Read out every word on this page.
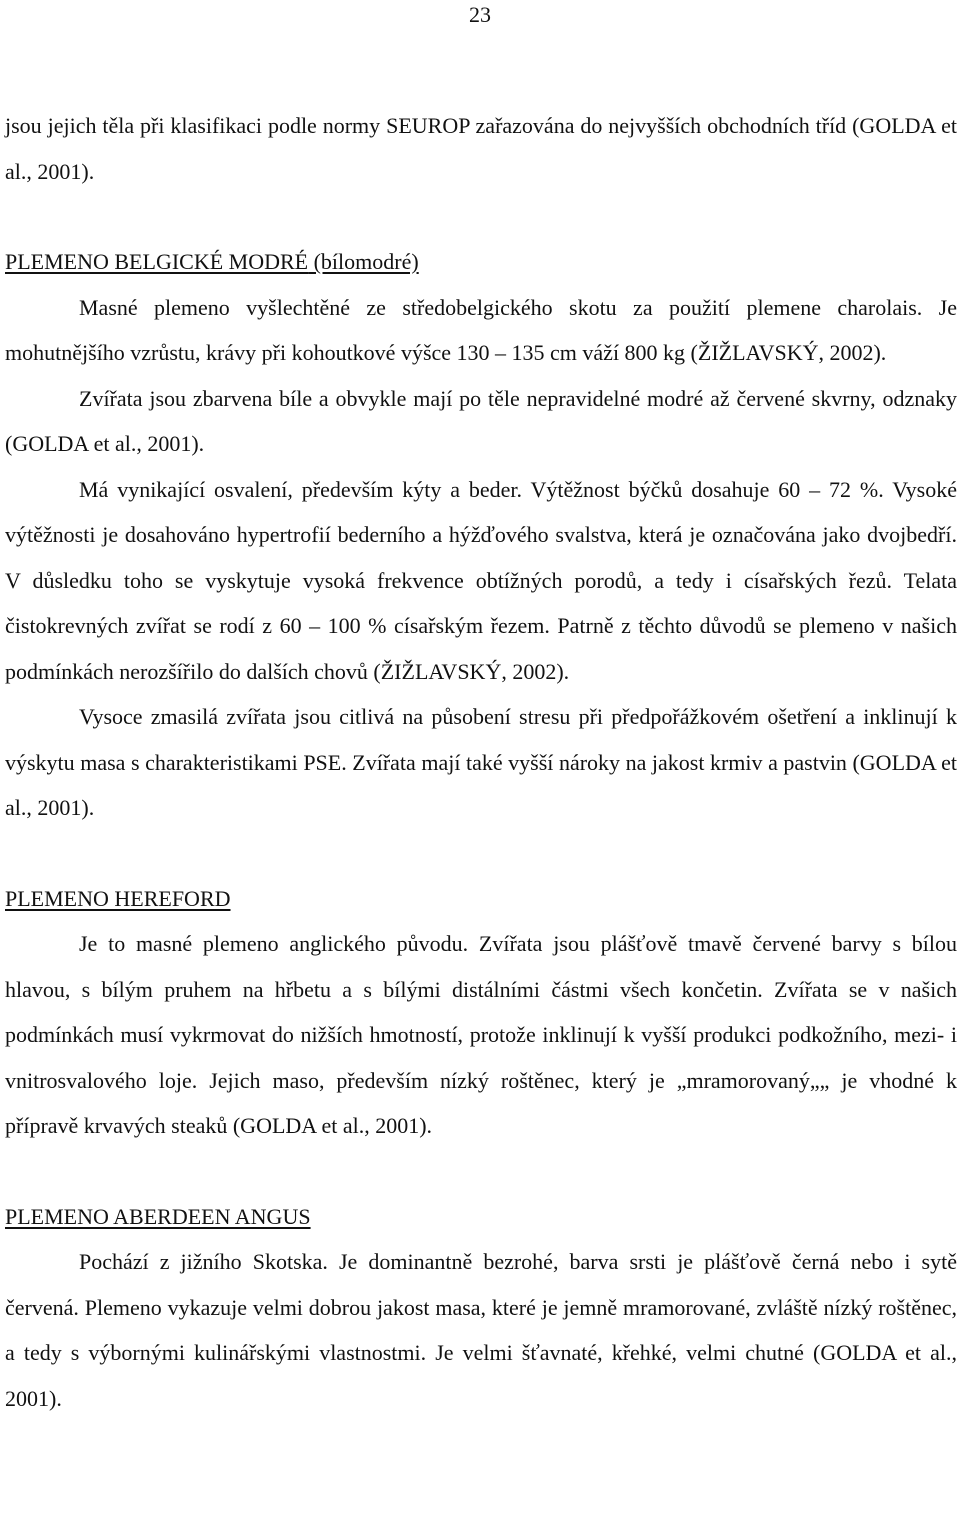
23

jsou jejich těla při klasifikaci podle normy SEUROP zařazována do nejvyšších obchodních tříd (GOLDA et al., 2001).

PLEMENO BELGICKÉ MODRÉ (bílomodré)

Masné plemeno vyšlechtěné ze středobelgického skotu za použití plemene charolais. Je mohutnějšího vzrůstu, krávy při kohoutkové výšce 130 – 135 cm váží 800 kg (ŽIŽLAVSKÝ, 2002).

Zvířata jsou zbarvena bíle a obvykle mají po těle nepravidelné modré až červené skvrny, odznaky (GOLDA et al., 2001).

Má vynikající osvalení, především kýty a beder. Výtěžnost býčků dosahuje 60 – 72 %. Vysoké výtěžnosti je dosahováno hypertrofií bederního a hýžďového svalstva, která je označována jako dvojbedří. V důsledku toho se vyskytuje vysoká frekvence obtížných porodů, a tedy i císařských řezů. Telata čistokrevných zvířat se rodí z 60 – 100 % císařským řezem. Patrně z těchto důvodů se plemeno v našich podmínkách nerozšířilo do dalších chovů (ŽIŽLAVSKÝ, 2002).

Vysoce zmasilá zvířata jsou citlivá na působení stresu při předpořážkovém ošetření a inklinují k výskytu masa s charakteristikami PSE. Zvířata mají také vyšší nároky na jakost krmiv a pastvin (GOLDA et al., 2001).

PLEMENO HEREFORD

Je to masné plemeno anglického původu. Zvířata jsou plášťově tmavě červené barvy s bílou hlavou, s bílým pruhem na hřbetu a s bílými distálními částmi všech končetin. Zvířata se v našich podmínkách musí vykrmovat do nižších hmotností, protože inklinují k vyšší produkci podkožního, mezi- i vnitrosvalového loje. Jejich maso, především nízký roštěnec, který je „mramorovaný„„ je vhodné k přípravě krvavých steaků (GOLDA et al., 2001).

PLEMENO ABERDEEN ANGUS

Pochází z jižního Skotska. Je dominantně bezrohé, barva srsti je plášťově černá nebo i sytě červená. Plemeno vykazuje velmi dobrou jakost masa, které je jemně mramorované, zvláště nízký roštěnec, a tedy s výbornými kulinářskými vlastnostmi. Je velmi šťavnaté, křehké, velmi chutné (GOLDA et al., 2001).
